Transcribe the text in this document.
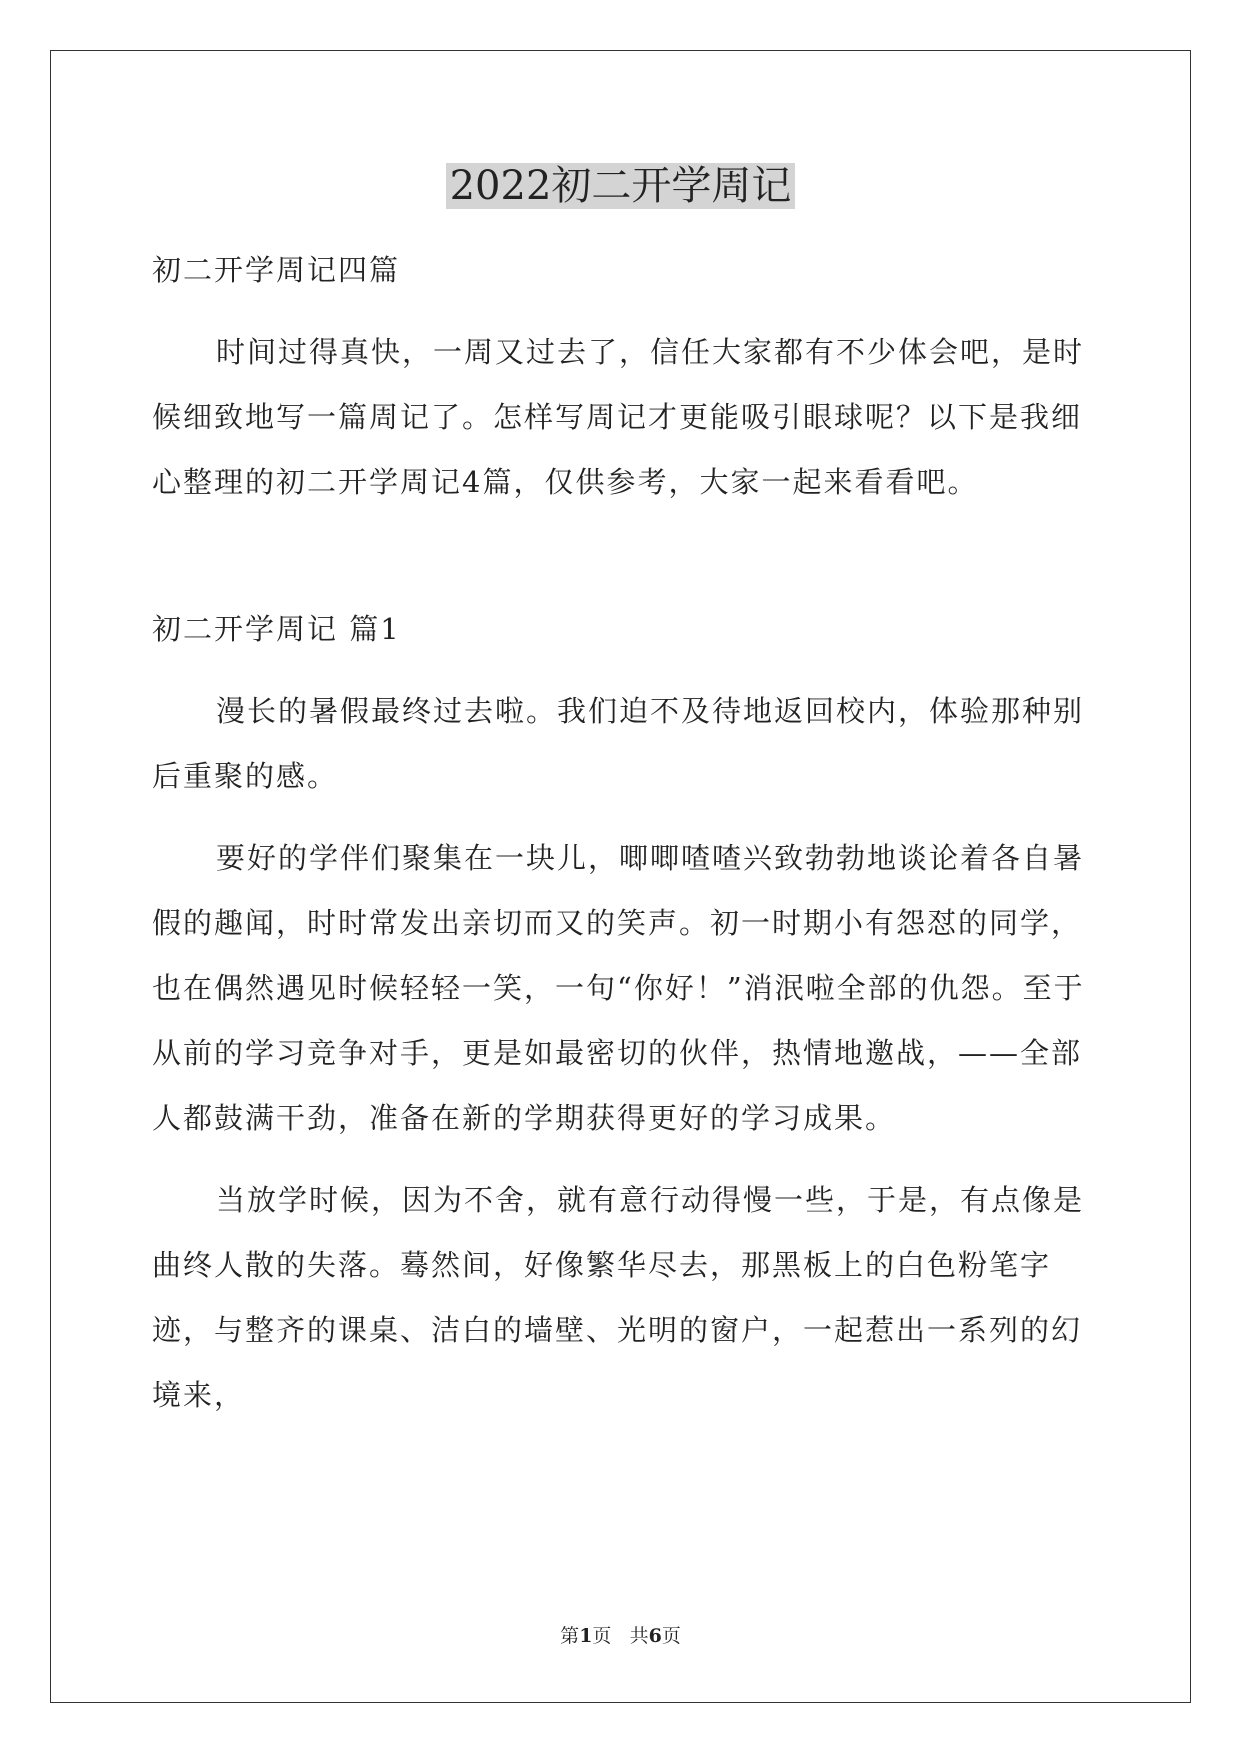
2022初二开学周记

初二开学周记四篇

时间过得真快，一周又过去了，信任大家都有不少体会吧，是时候细致地写一篇周记了。怎样写周记才更能吸引眼球呢？以下是我细心整理的初二开学周记4篇，仅供参考，大家一起来看看吧。

初二开学周记 篇1

漫长的暑假最终过去啦。我们迫不及待地返回校内，体验那种别后重聚的感。

要好的学伴们聚集在一块儿，唧唧喳喳兴致勃勃地谈论着各自暑假的趣闻，时时常发出亲切而又的笑声。初一时期小有怨怼的同学，也在偶然遇见时候轻轻一笑，一句“你好！”消泯啦全部的仇怨。至于从前的学习竞争对手，更是如最密切的伙伴，热情地邀战，——全部人都鼓满干劲，准备在新的学期获得更好的学习成果。

当放学时候，因为不舍，就有意行动得慢一些，于是，有点像是曲终人散的失落。蓦然间，好像繁华尽去，那黑板上的白色粉笔字迹，与整齐的课桌、洁白的墙壁、光明的窗户，一起惹出一系列的幻境来，

第1页 共6页
